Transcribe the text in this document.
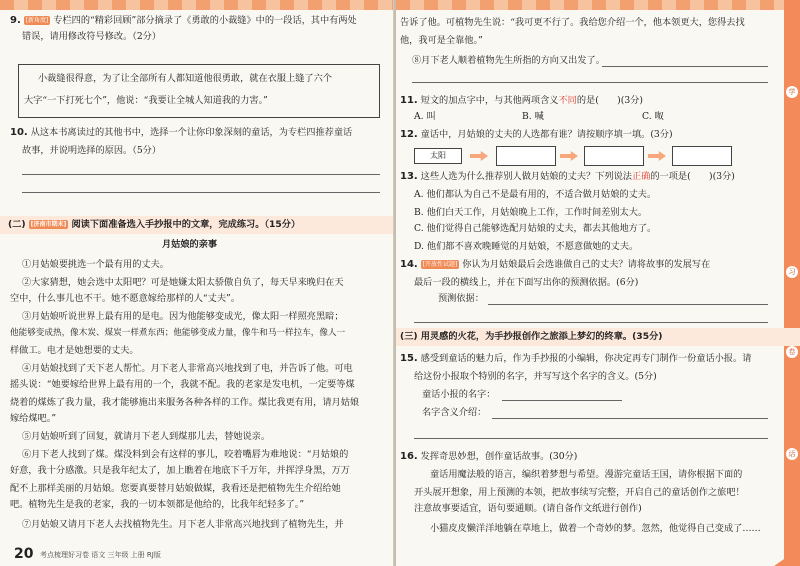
9. [新角度] 专栏四的“精彩回顾”部分摘录了《勇敢的小裁缝》中的一段话，其中有两处
错误，请用修改符号修改。（2分）
小裁缝很得意，为了让全部所有人都知道他很勇敢，就在衣服上缝了六个
大字“一下打死七个”，他说：“我要让全城人知道我的力害。”
10. 从这本书离读过的其他书中，选择一个让你印象深刻的童话，为专栏四推荐童话
故事，并说明选择的原因。（5分）
(二) [济南市期末] 阅读下面准备选入手抄报中的文章，完成练习。（15分）
月姑娘的亲事
①月姑娘要挑选一个最有用的丈夫。
②大家猜想，她会选中太阳吧？可是她嫌太阳太骄傲自负了，每天早来晚归在天
空中，什么事儿也不干。她不愿意嫁给那样的人“丈夫”。
③月姑娘听说世界上最有用的是电。因为他能够变成光，像太阳一样照亮黑暗；
他能够变成热，像木炭、煤炭一样煮东西；他能够变成力量，像牛和马一样拉车，像人一
样做工。电才是她想要的丈夫。
④月姑娘找到了天下老人帮忙。月下老人非常高兴地找到了电，并告诉了他。可电
摇头说：“她要嫁给世界上最有用的一个，我就不配。我的老家是发电机，一定要等煤
烧着的煤炼了我力量，我才能够施出来服务各种各样的工作。煤比我更有用，请月姑娘
嫁给煤吧。”
⑤月姑娘听到了回复，就请月下老人到煤那儿去，替她说亲。
⑥月下老人找到了煤。煤没料到会有这样的事儿，咬着嘴唇为难地说：“月姑娘的
好意，我十分感激。只是我年纪太了，加上瞧着在地底下千万年，并挥浮身黑，万万
配不上那样美丽的月姑娘。您要真要替月姑娘做媒，我看还是把植物先生介绍给她
吧。植物先生是我的老家，我的一切本领都是他给的，比我年纪轻多了。”
⑦月姑娘又请月下老人去找植物先生。月下老人非常高兴地找到了植物先生，并
20 考点梳理好习卷 语文 三年级 上册 RJ版
学
习
卷
话
告诉了他。可植物先生说：“我可更不行了。我给您介绍一个，他本领更大，您得去找
他，我可是全靠他。”
⑧月下老人顺着植物先生所指的方向又出发了。
11. 短文的加点字中，与其他两项含义不同的是(　　)(3分)
A. 叫	B. 喊	C. 呶
12. 童话中，月姑娘的丈夫的人选都有谁？请按顺序填一填。(3分)
太阳
13. 这些人选为什么推荐别人做月姑娘的丈夫？下列说法正确的一项是(　　)(3分)
A. 他们都认为自己不是最有用的，不适合做月姑娘的丈夫。
B. 他们白天工作，月姑娘晚上工作，工作时间差别太大。
C. 他们觉得自己能够选配月姑娘的丈夫，都去其他地方了。
D. 他们都不喜欢晚睡觉的月姑娘，不愿意做她的丈夫。
14. [开放性试题] 你认为月姑娘最后会选谁做自己的丈夫？请将故事的发展写在
最后一段的横线上，并在下面写出你的预测依据。(6分)
预测依据：
(三) 用灵感的火花，为手抄报创作之旅添上梦幻的终章。(35分)
15. 感受到童话的魅力后，作为手抄报的小编辑，你决定再专门制作一份童话小报。请
给这份小报取个特别的名字，并写写这个名字的含义。(5分)
童话小报的名字：
名字含义介绍：
16. 发挥奇思妙想，创作童话故事。(30分)
童话用魔法般的语言，编织着梦想与希望。漫游完童话王国，请你根据下面的
开头展开想象，用上预测的本领，把故事续写完整，开启自己的童话创作之旅吧！
注意故事要适宜，语句要通顺。(请自备作文纸进行创作)
小猫皮皮懒洋洋地躺在草地上，做着一个奇妙的梦。忽然，他觉得自己变成了……
